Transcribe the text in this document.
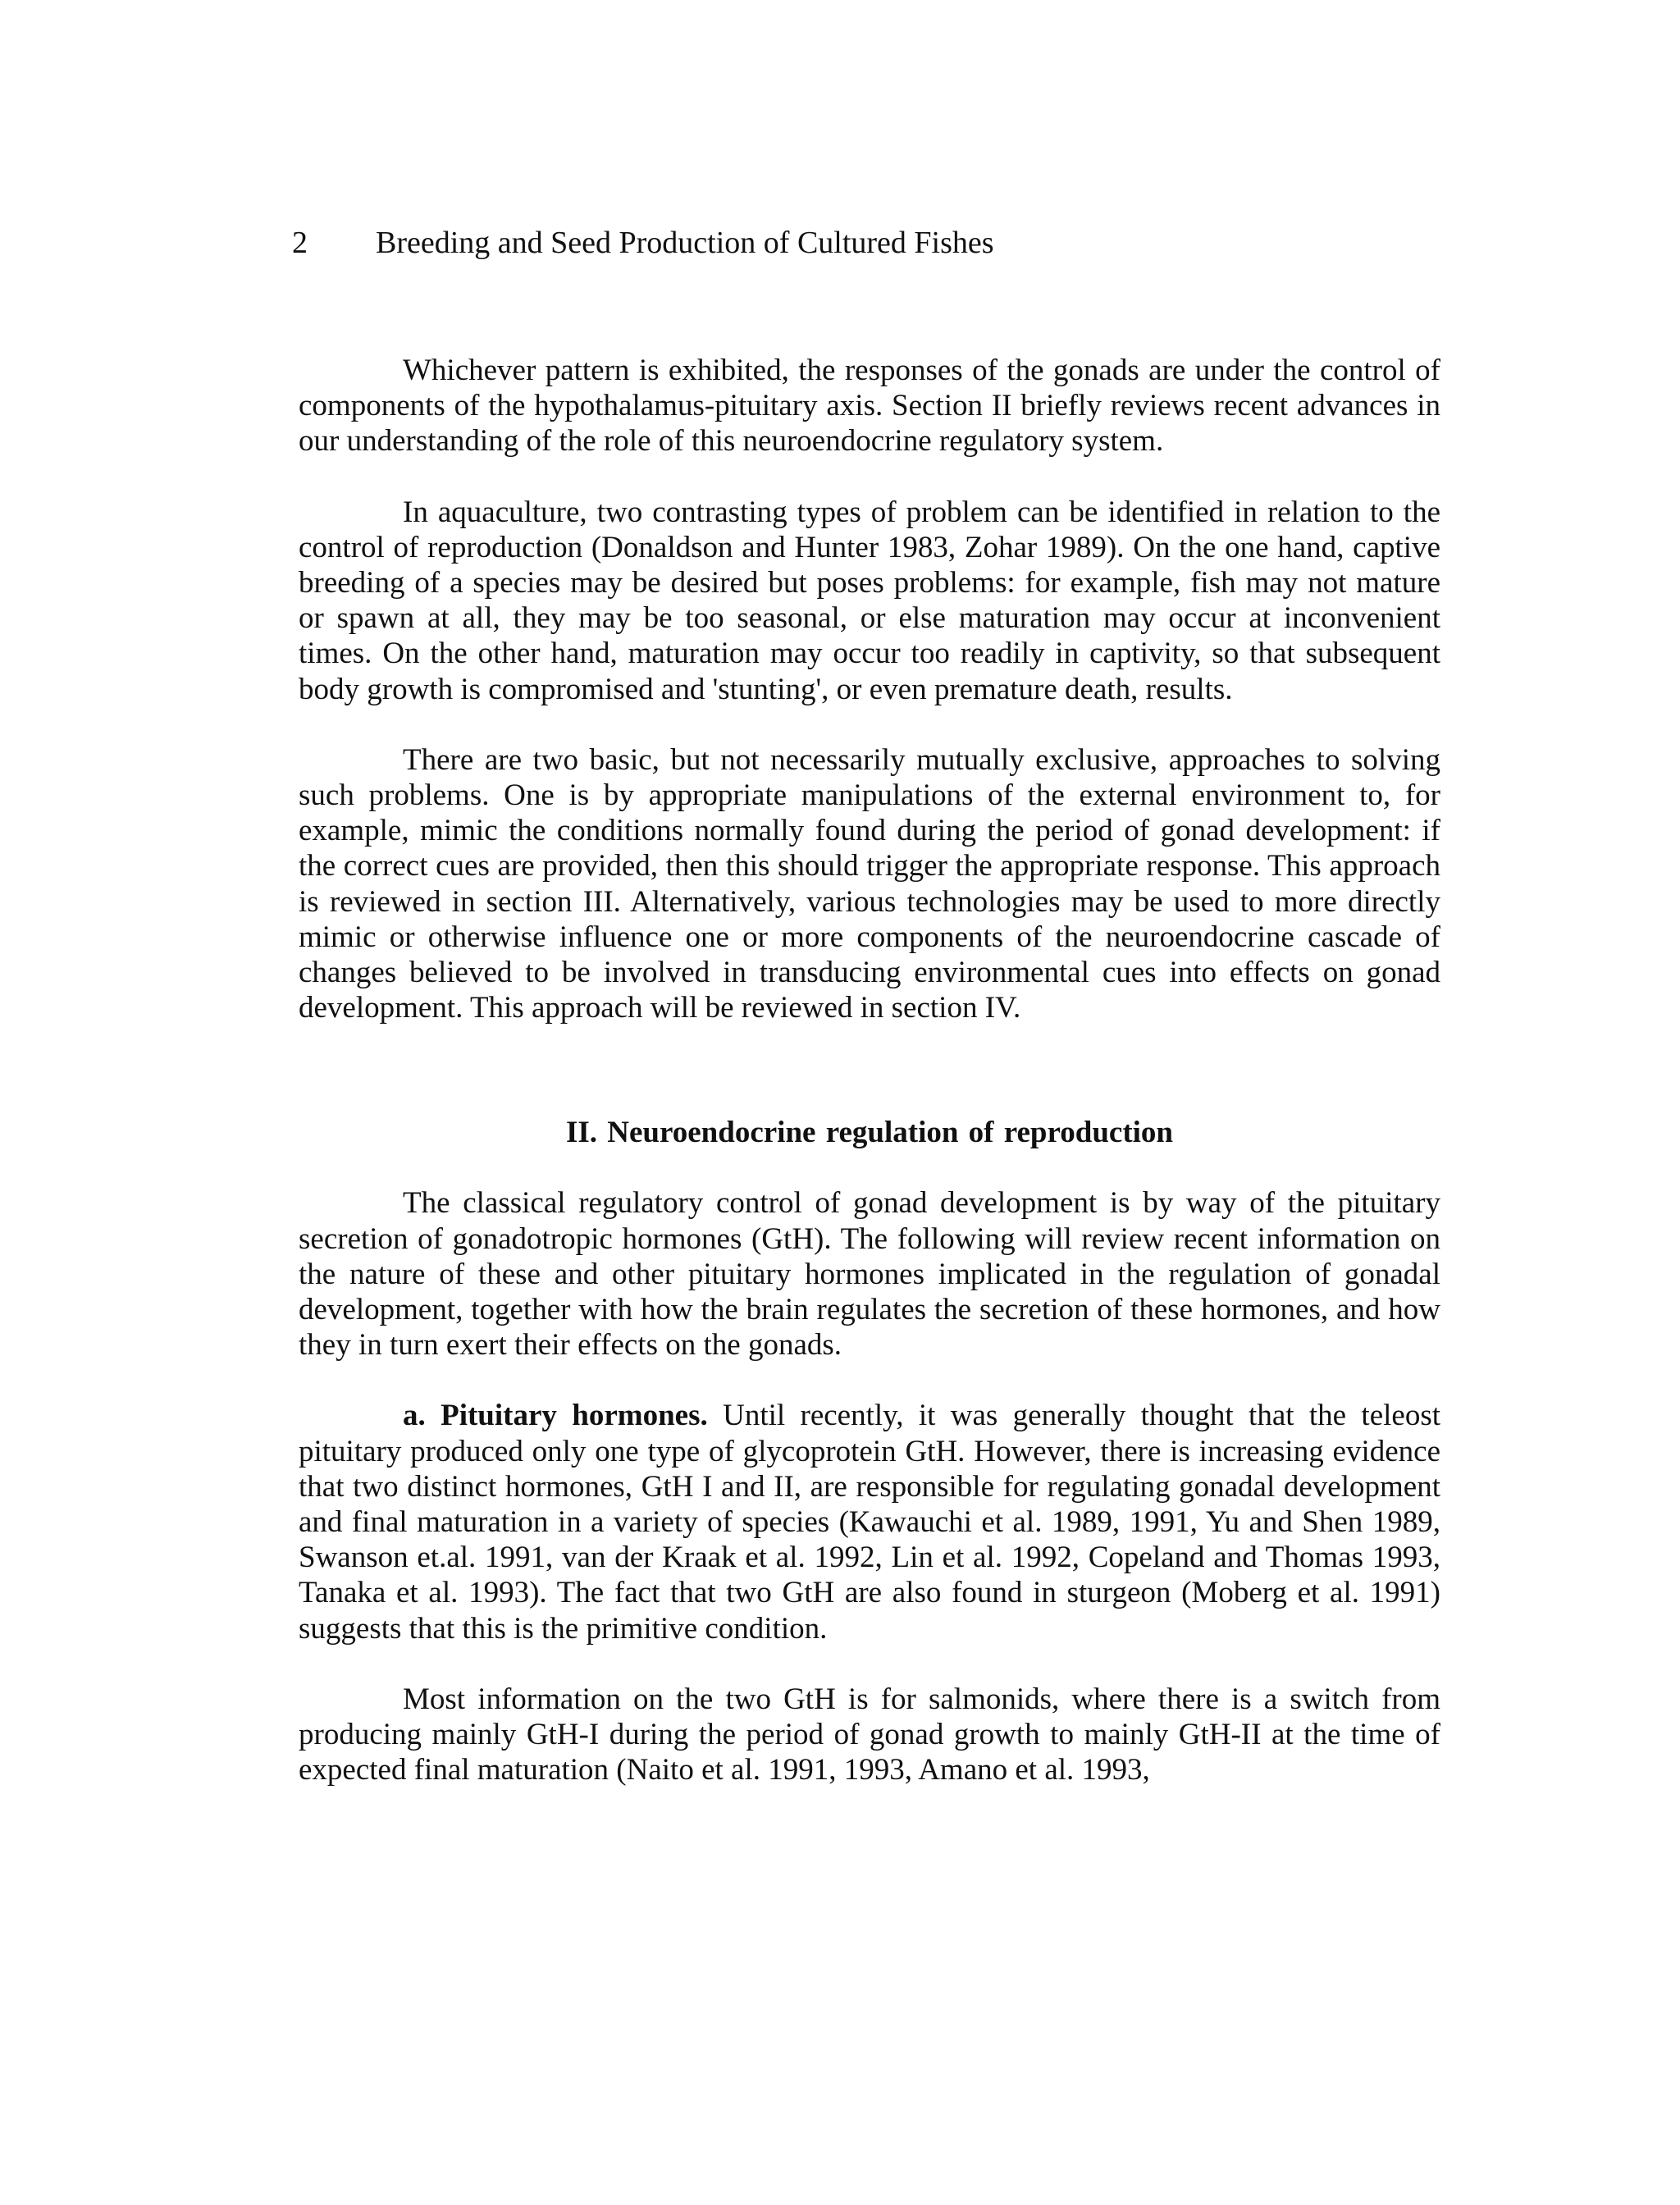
2 Breeding and Seed Production of Cultured Fishes

Whichever pattern is exhibited, the responses of the gonads are under the control of components of the hypothalamus-pituitary axis. Section II briefly reviews recent advances in our understanding of the role of this neuroendocrine regulatory system.

In aquaculture, two contrasting types of problem can be identified in relation to the control of reproduction (Donaldson and Hunter 1983, Zohar 1989). On the one hand, captive breeding of a species may be desired but poses problems: for example, fish may not mature or spawn at all, they may be too seasonal, or else maturation may occur at inconvenient times. On the other hand, maturation may occur too readily in captivity, so that subsequent body growth is compromised and 'stunting', or even premature death, results.

There are two basic, but not necessarily mutually exclusive, approaches to solving such problems. One is by appropriate manipulations of the external environment to, for example, mimic the conditions normally found during the period of gonad development: if the correct cues are provided, then this should trigger the appropriate response. This approach is reviewed in section III. Alternatively, various technologies may be used to more directly mimic or otherwise influence one or more components of the neuroendocrine cascade of changes believed to be involved in transducing environmental cues into effects on gonad development. This approach will be reviewed in section IV.

II. Neuroendocrine regulation of reproduction

The classical regulatory control of gonad development is by way of the pituitary secretion of gonadotropic hormones (GtH). The following will review recent information on the nature of these and other pituitary hormones implicated in the regulation of gonadal development, together with how the brain regulates the secretion of these hormones, and how they in turn exert their effects on the gonads.

a. Pituitary hormones. Until recently, it was generally thought that the teleost pituitary produced only one type of glycoprotein GtH. However, there is increasing evidence that two distinct hormones, GtH I and II, are responsible for regulating gonadal development and final maturation in a variety of species (Kawauchi et al. 1989, 1991, Yu and Shen 1989, Swanson et.al. 1991, van der Kraak et al. 1992, Lin et al. 1992, Copeland and Thomas 1993, Tanaka et al. 1993). The fact that two GtH are also found in sturgeon (Moberg et al. 1991) suggests that this is the primitive condition.

Most information on the two GtH is for salmonids, where there is a switch from producing mainly GtH-I during the period of gonad growth to mainly GtH-II at the time of expected final maturation (Naito et al. 1991, 1993, Amano et al. 1993,
